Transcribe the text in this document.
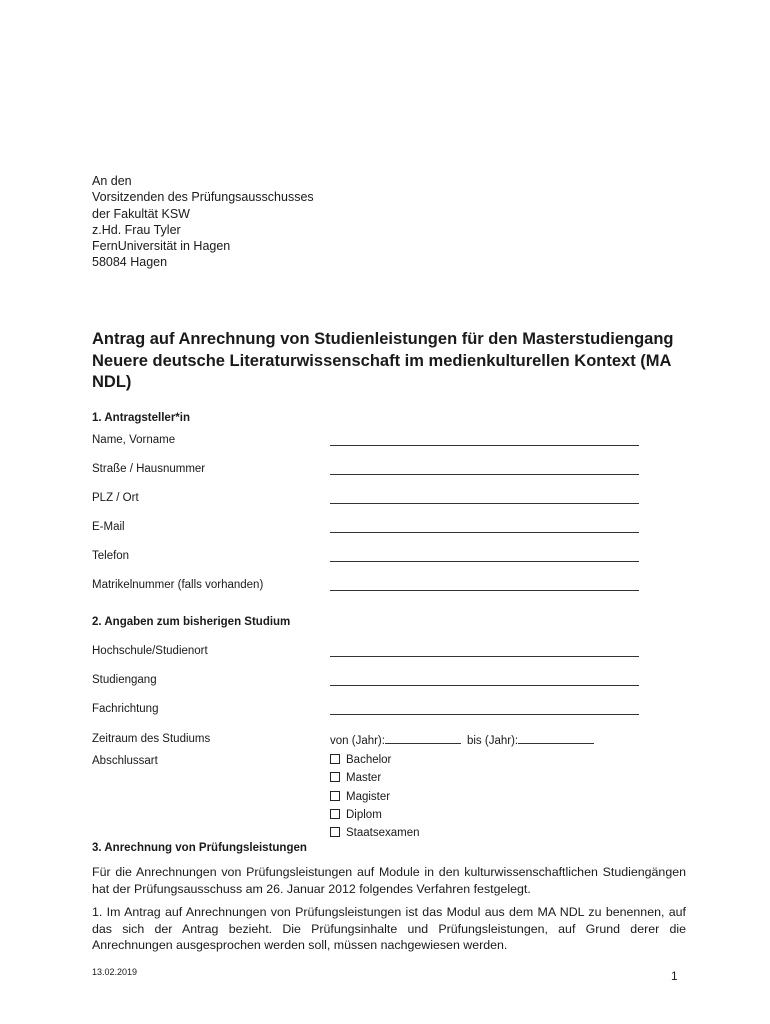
An den
Vorsitzenden des Prüfungsausschusses
der Fakultät KSW
z.Hd. Frau Tyler
FernUniversität in Hagen
58084 Hagen
Antrag auf Anrechnung von Studienleistungen für den Masterstudiengang Neuere deutsche Literaturwissenschaft im medienkulturellen Kontext (MA NDL)
1. Antragsteller*in
Name, Vorname
Straße / Hausnummer
PLZ / Ort
E-Mail
Telefon
Matrikelnummer (falls vorhanden)
2. Angaben zum bisherigen Studium
Hochschule/Studienort
Studiengang
Fachrichtung
Zeitraum des Studiums	von (Jahr):	bis (Jahr):
Abschlussart	Bachelor
Master
Magister
Diplom
Staatsexamen
3. Anrechnung von Prüfungsleistungen
Für die Anrechnungen von Prüfungsleistungen auf Module in den kulturwissenschaftlichen Studiengängen hat der Prüfungsausschuss am 26. Januar 2012 folgendes Verfahren festgelegt.
1. Im Antrag auf Anrechnungen von Prüfungsleistungen ist das Modul aus dem MA NDL zu benennen, auf das sich der Antrag bezieht. Die Prüfungsinhalte und Prüfungsleistungen, auf Grund derer die Anrechnungen ausgesprochen werden soll, müssen nachgewiesen werden.
13.02.2019	1
